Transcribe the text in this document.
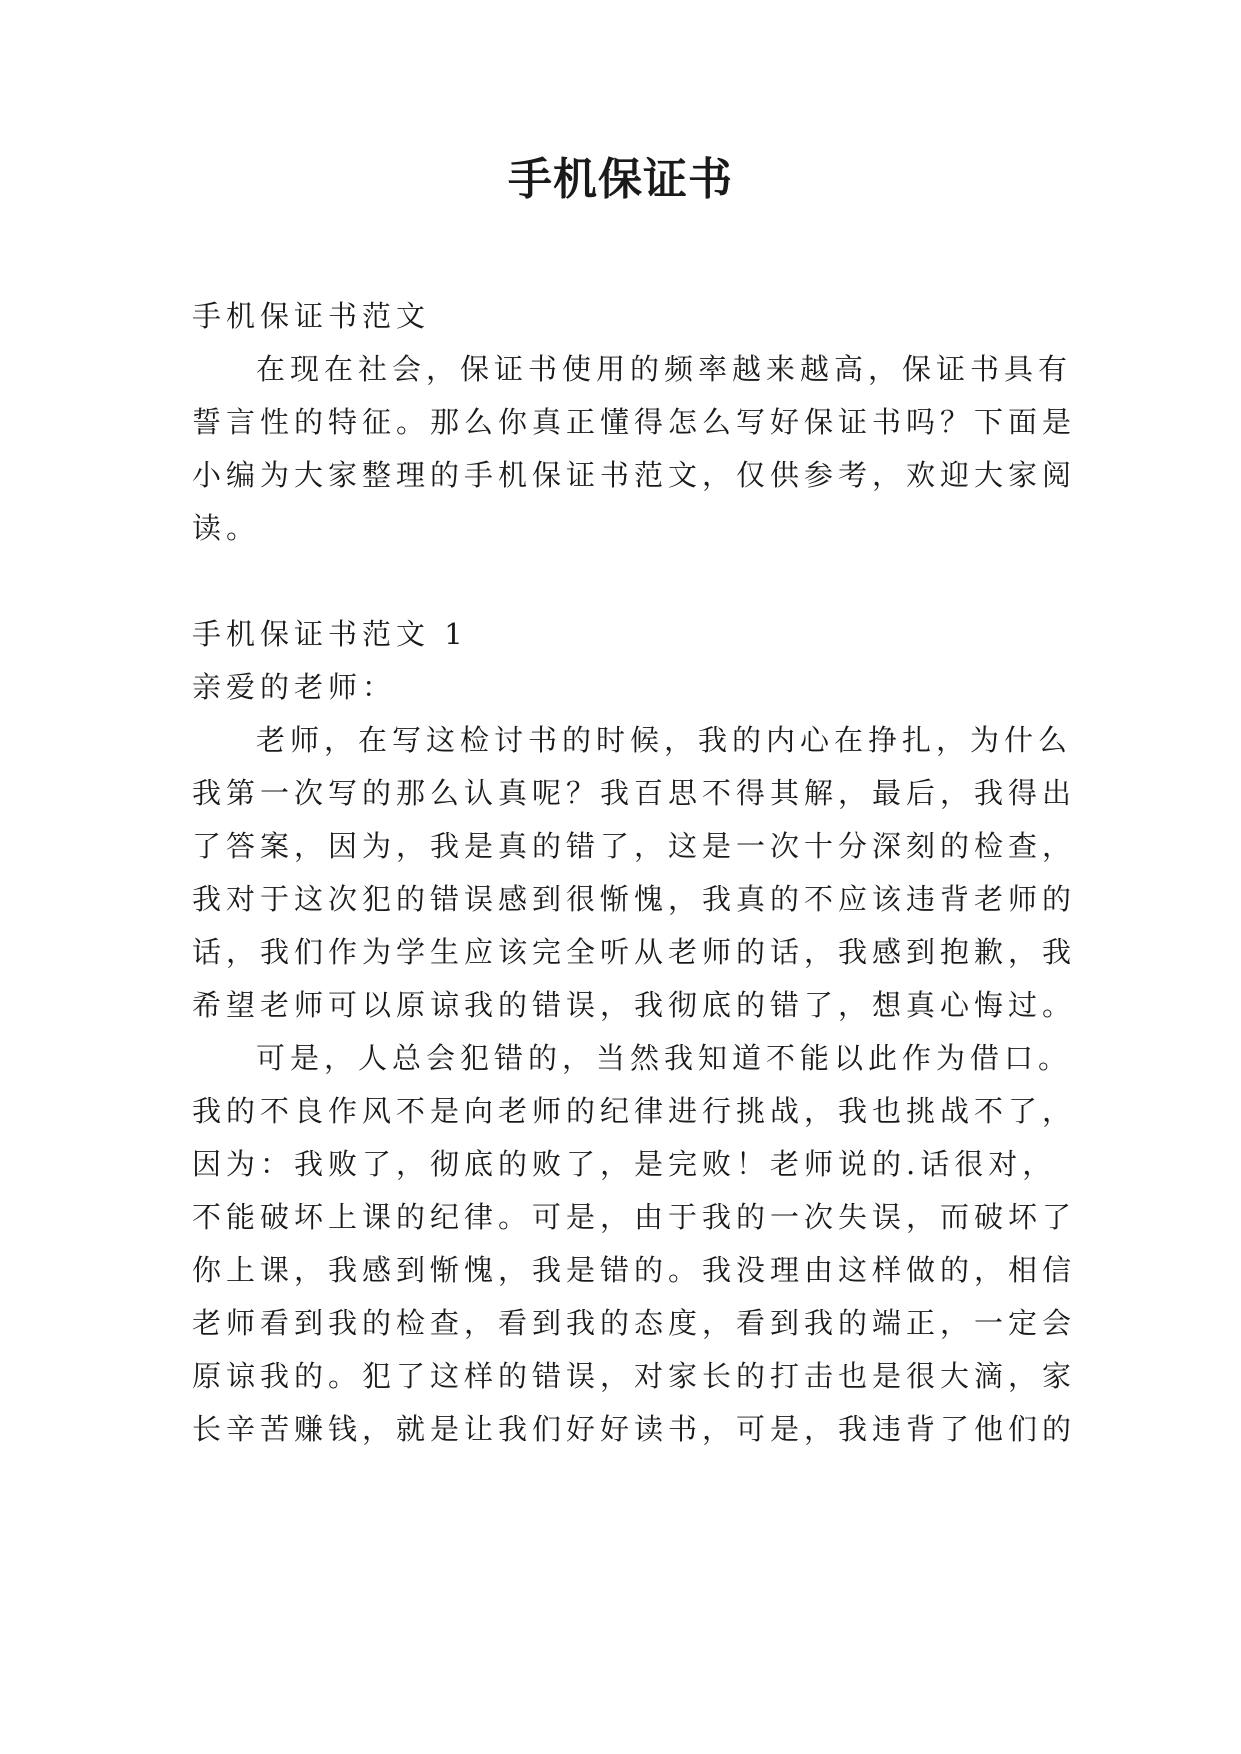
手机保证书

手机保证书范文

在现在社会，保证书使用的频率越来越高，保证书具有

誓言性的特征。那么你真正懂得怎么写好保证书吗？下面是

小编为大家整理的手机保证书范文，仅供参考，欢迎大家阅

读。

手机保证书范文 1

亲爱的老师：

老师，在写这检讨书的时候，我的内心在挣扎，为什么

我第一次写的那么认真呢？我百思不得其解，最后，我得出

了答案，因为，我是真的错了，这是一次十分深刻的检查，

我对于这次犯的错误感到很惭愧，我真的不应该违背老师的

话，我们作为学生应该完全听从老师的话，我感到抱歉，我

希望老师可以原谅我的错误，我彻底的错了，想真心悔过。

可是，人总会犯错的，当然我知道不能以此作为借口。

我的不良作风不是向老师的纪律进行挑战，我也挑战不了，

因为：我败了，彻底的败了，是完败！老师说的.话很对，

不能破坏上课的纪律。可是，由于我的一次失误，而破坏了

你上课，我感到惭愧，我是错的。我没理由这样做的，相信

老师看到我的检查，看到我的态度，看到我的端正，一定会

原谅我的。犯了这样的错误，对家长的打击也是很大滴，家

长辛苦赚钱，就是让我们好好读书，可是，我违背了他们的
